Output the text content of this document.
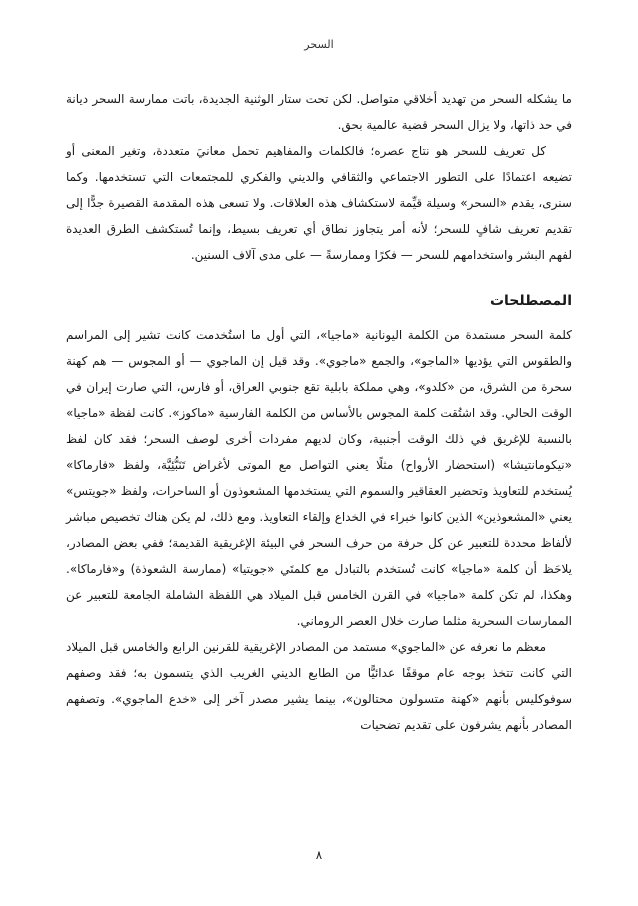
السحر

ما يشكله السحر من تهديد أخلاقي متواصل. لكن تحت ستار الوثنية الجديدة، باتت ممارسة السحر ديانة في حد ذاتها، ولا يزال السحر قضية عالمية بحق.

كل تعريف للسحر هو نتاج عصره؛ فالكلمات والمفاهيم تحمل معانيَ متعددة، وتغير المعنى أو تضيعه اعتمادًا على التطور الاجتماعي والثقافي والديني والفكري للمجتمعات التي تستخدمها. وكما سنرى، يقدم «السحر» وسيلة قيِّمة لاستكشاف هذه العلاقات. ولا تسعى هذه المقدمة القصيرة جدًّا إلى تقديم تعريف شافٍ للسحر؛ لأنه أمر يتجاوز نطاق أي تعريف بسيط، وإنما تُستكشف الطرق العديدة لفهم البشر واستخدامهم للسحر — فكرًا وممارسةً — على مدى آلاف السنين.

المصطلحات

كلمة السحر مستمدة من الكلمة اليونانية «ماجيا»، التي أول ما استُخدمت كانت تشير إلى المراسم والطقوس التي يؤديها «الماجو»، والجمع «ماجوي». وقد قيل إن الماجوي — أو المجوس — هم كهنة سحرة من الشرق، من «كلدو»، وهي مملكة بابلية تقع جنوبي العراق، أو فارس، التي صارت إيران في الوقت الحالي. وقد اشتُقت كلمة المجوس بالأساس من الكلمة الفارسية «ماكوز». كانت لفظة «ماجيا» بالنسبة للإغريق في ذلك الوقت أجنبية، وكان لديهم مفردات أخرى لوصف السحر؛ فقد كان لفظ «نيكومانتيشا» (استحضار الأرواح) مثلًا يعني التواصل مع الموتى لأغراض تَنَبُّئِيَّة، ولفظ «فارماكا» يُستخدم للتعاويذ وتحضير العقاقير والسموم التي يستخدمها المشعوذون أو الساحرات، ولفظ «جويتس» يعني «المشعوذين» الذين كانوا خبراء في الخداع وإلقاء التعاويذ. ومع ذلك، لم يكن هناك تخصيص مباشر لألفاظ محددة للتعبير عن كل حرفة من حرف السحر في البيئة الإغريقية القديمة؛ ففي بعض المصادر، يلاحَظ أن كلمة «ماجيا» كانت تُستخدم بالتبادل مع كلمتَي «جويتيا» (ممارسة الشعوذة) و«فارماكا». وهكذا، لم تكن كلمة «ماجيا» في القرن الخامس قبل الميلاد هي اللفظة الشاملة الجامعة للتعبير عن الممارسات السحرية مثلما صارت خلال العصر الروماني.

معظم ما نعرفه عن «الماجوي» مستمد من المصادر الإغريقية للقرنين الرابع والخامس قبل الميلاد التي كانت تتخذ بوجه عام موقفًا عدائيًّا من الطابع الديني الغريب الذي يتسمون به؛ فقد وصفهم سوفوكليس بأنهم «كهنة متسولون محتالون»، بينما يشير مصدر آخر إلى «خدع الماجوي». وتصفهم المصادر بأنهم يشرفون على تقديم تضحيات

٨
